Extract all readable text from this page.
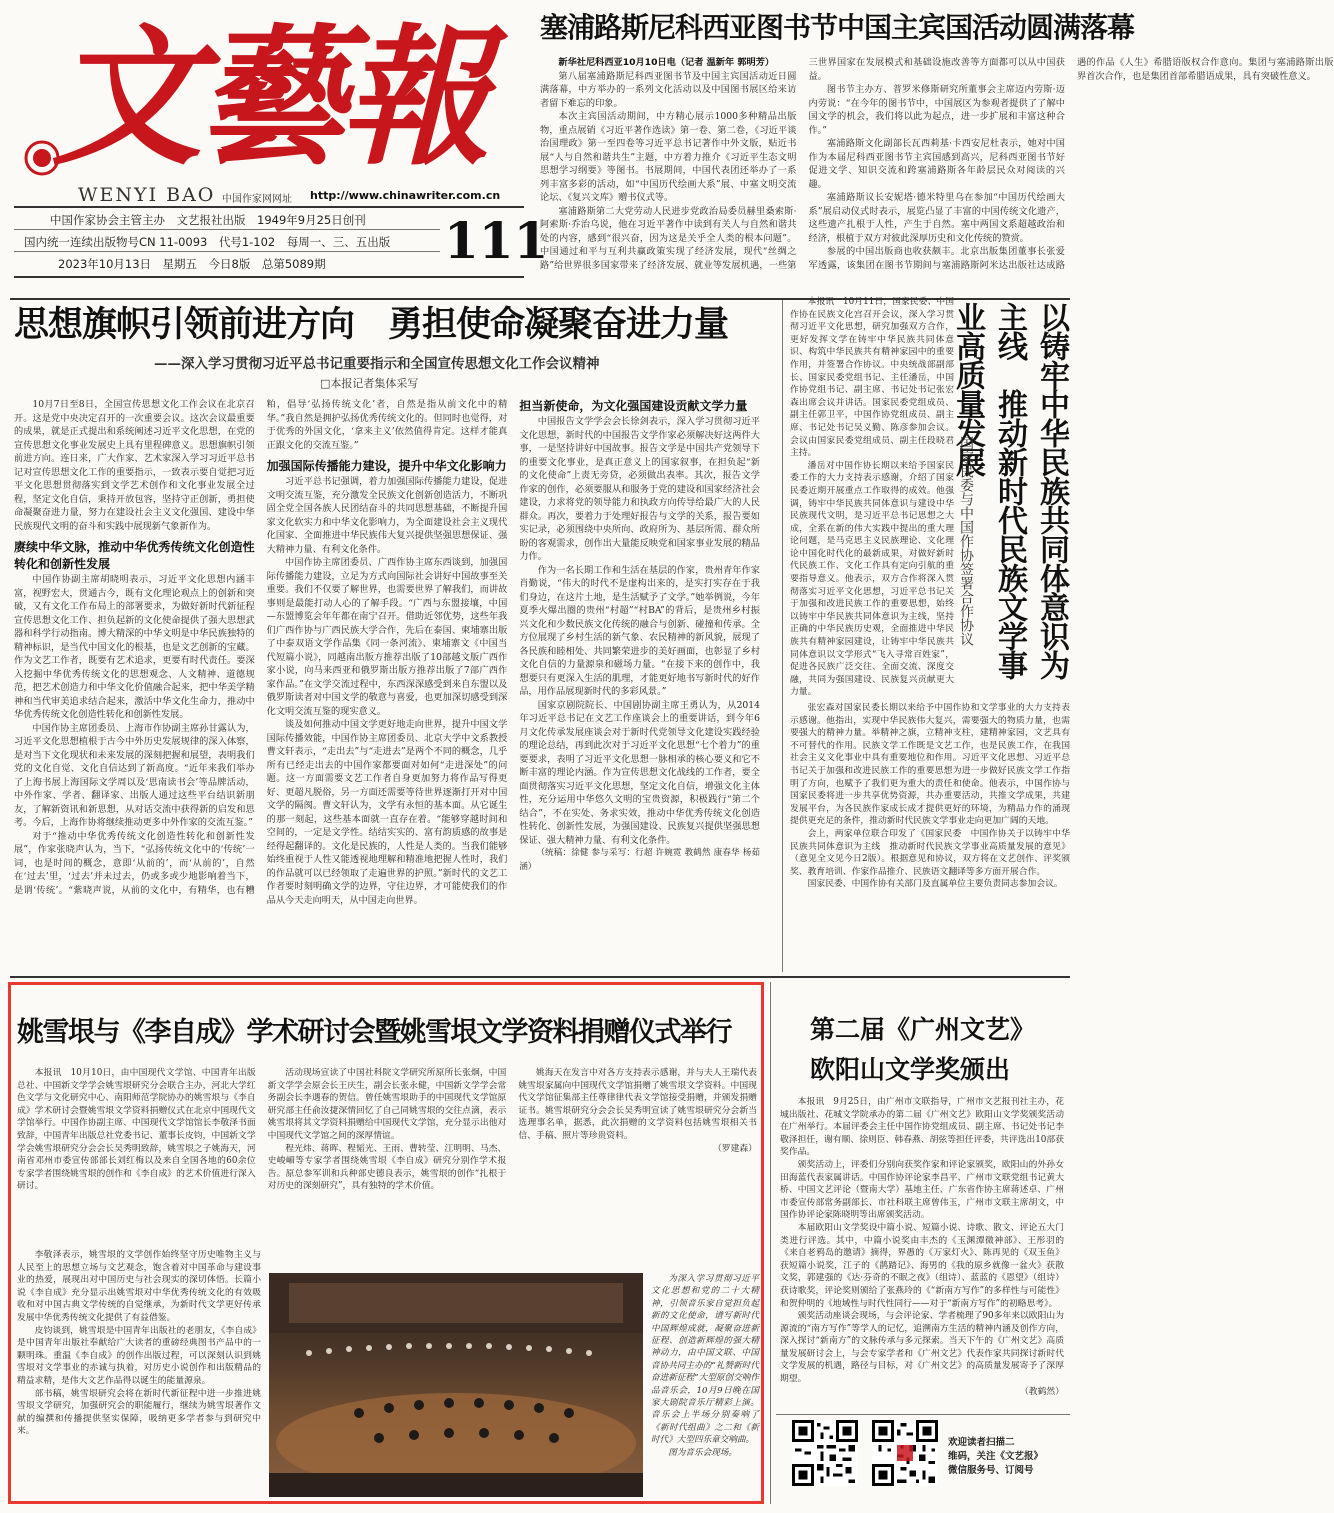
文藝報
WENYI BAO 中国作家网网址 http://www.chinawriter.com.cn
中国作家协会主管主办　文艺报社出版　1949年9月25日创刊
国内统一连续出版物号CN 11-0093　代号1-102　每周一、三、五出版
2023年10月13日　星期五　今日8版　总第5089期 111
塞浦路斯尼科西亚图书节中国主宾国活动圆满落幕

新华社尼科西亚10月10日电（记者 温新年 郭明芳）

第八届塞浦路斯尼科西亚图书节及中国主宾国活动近日圆满落幕，中方举办的一系列文化活动以及中国图书展区给来访者留下难忘的印象。

本次主宾国活动期间，中方精心展示1000多种精品出版物，重点展销《习近平著作选读》第一卷、第二卷，《习近平谈治国理政》第一至四卷等习近平总书记著作中外文版，贴近书展“人与自然和谐共生”主题，中方着力推介《习近平生态文明思想学习纲要》等图书。书展期间，中国代表团还举办了一系列丰富多彩的活动，如“中国历代绘画大系”展、中塞文明交流论坛、《复兴文库》赠书仪式等。

塞浦路斯第二大党劳动人民进步党政治局委员赫里桑索斯·阿索斯·乔治乌说，他在习近平著作中读到有关人与自然和谐共处的内容，感到“很兴奋，因为这是关乎全人类的根本问题”。中国通过和平与互利共赢政策实现了经济发展，现代“丝绸之路”给世界很多国家带来了经济发展、就业等发展机遇，一些第三世界国家在发展模式和基础设施改善等方面都可以从中国获益。

图书节主办方、普罗米修斯研究所董事会主席迈内劳斯·迈内劳说：“在今年的图书节中，中国展区为参观者提供了了解中国文学的机会，我们将以此为起点，进一步扩展和丰富这种合作。”

塞浦路斯文化副部长瓦西莉基·卡西安尼杜表示，她对中国作为本届尼科西亚图书节主宾国感到高兴，尼科西亚图书节好促进文学、知识交流和跨塞浦路斯各年龄层民众对阅读的兴趣。

塞浦路斯议长安妮塔·德米特里乌在参加“中国历代绘画大系”展启动仪式时表示，展览凸显了丰富的中国传统文化遗产，这些遗产扎根于人性，产生于自然。塞中两国文系超越政治和经济，根植于双方对彼此深厚历史和文化传统的赞赏。

参展的中国出版商也收获颇丰。北京出版集团董事长张爱军透露，该集团在图书节期间与塞浦路斯阿米达出版社达成路遇的作品《人生》希腊语版权合作意向。集团与塞浦路斯出版界首次合作，也是集团首部希腊语成果，具有突破性意义。

思想旗帜引领前进方向　勇担使命凝聚奋进力量
——深入学习贯彻习近平总书记重要指示和全国宣传思想文化工作会议精神
□本报记者集体采写

10月7日至8日，全国宣传思想文化工作会议在北京召开。这是党中央决定召开的一次重要会议。这次会议最重要的成果，就是正式提出和系统阐述习近平文化思想，在党的宣传思想文化事业发展史上具有里程碑意义。思想旗帜引领前进方向。连日来，广大作家、艺术家深入学习习近平总书记对宣传思想文化工作的重要指示，一致表示要自觉把习近平文化思想贯彻落实到文学艺术创作和文化事业发展全过程，坚定文化自信，秉持开放包容，坚持守正创新，勇担使命凝聚奋进力量，努力在建设社会主义文化强国、建设中华民族现代文明的奋斗和实践中展现新气象新作为。

赓续中华文脉，推动中华优秀传统文化创造性转化和创新性发展

中国作协副主席胡晓明表示，习近平文化思想内涵丰富，视野宏大，贯通古今，既有文化理论观点上的创新和突破，又有文化工作布局上的部署要求，为做好新时代新征程宣传思想文化工作、担负起新的文化使命提供了强大思想武器和科学行动指南。博大精深的中华文明是中华民族独特的精神标识，是当代中国文化的根基，也是文艺创新的宝藏。作为文艺工作者，既要有艺术追求，更要有时代责任。要深入挖掘中华优秀传统文化的思想观念、人文精神、道德规范，把艺术创造力和中华文化价值融合起来，把中华美学精神和当代审美追求结合起来，激活中华文化生命力，推动中华优秀传统文化创造性转化和创新性发展。

中国作协主席团委员、上海市作协副主席孙甘露认为，习近平文化思想植根于古今中外历史发展规律的深入体察，是对当下文化现状和未来发展的深刻把握和展望，表明我们党的文化自觉、文化自信达到了新高度。“近年来我们举办了上海书展上海国际文学周以及‘思南读书会’等品牌活动，中外作家、学者、翻译家、出版人通过这些平台结识新朋友，了解新资讯和新思想，从对话交流中获得新的启发和思考。今后，上海作协将继续推动更多中外作家的交流互鉴。”

对于“推动中华优秀传统文化创造性转化和创新性发展”，作家张晓声认为，当下，“弘扬传统文化中的‘传统’一词，也是时间的概念，意即‘从前的’，而‘从前的’，自然在‘过去’里，‘过去’并未过去，仍或多或少地影响着当下，是谓‘传统’。“紫晓声说，从前的文化中，有精华，也有糟粕，倡导‘弘扬传统文化’者，自然是指从前文化中的精华。”我自然是拥护弘扬优秀传统文化的。但同时也觉得，对于优秀的外国文化，‘拿来主义’依然值得肯定。这样才能真正跟文化的交流互鉴。”

加强国际传播能力建设，提升中华文化影响力

习近平总书记强调，着力加强国际传播能力建设，促进文明交流互鉴，充分激发全民族文化创新创造活力，不断巩固全党全国各族人民团结奋斗的共同思想基础，不断提升国家文化软实力和中华文化影响力，为全面建设社会主义现代化国家、全面推进中华民族伟大复兴提供坚强思想保证、强大精神力量、有利文化条件。

中国作协主席团委员、广西作协主席东西谈到，加强国际传播能力建设，立足为方式向国际社会讲好中国故事至关重要。我们不仅要了解世界，也需要世界了解我们，而讲故事则是最能打动人心的了解手段。“广西与东盟接壤，中国—东盟博览会年年都在南宁召开。借助近邻优势，这些年我们广西作协与广西民族大学合作，先后在泰国、柬埔寨出版了中泰双语文学作品集《同一条河流》、柬埔寨文《中国当代短篇小说》，同越南出版方推荐出版了10部越文版广西作家小说，向马来西亚和俄罗斯出版方推荐出版了7部广西作家作品。”在文学交流过程中，东西深深感受到来自东盟以及俄罗斯读者对中国文学的敬意与喜爱，也更加深切感受到深化文明交流互鉴的现实意义。

谈及如何推动中国文学更好地走向世界，提升中国文学国际传播效能，中国作协主席团委员、北京大学中文系教授曹文轩表示，“走出去”与“走进去”是两个不同的概念，几乎所有已经走出去的中国作家都要面对如何“走进深处”的问题。这一方面需要文艺工作者自身更加努力将作品写得更好、更超凡脱俗，另一方面还需要等待世界逐渐打开对中国文学的隔阂。曹文轩认为，文学有永恒的基本面。从它诞生的那一刻起，这些基本面就一直存在着。“能够穿越时间和空间的，一定是文学性。结结实实的、富有韵质感的故事是经得起翻译的。文化是民族的，人性是人类的。当我们能够始终重视于人性又能透视地理解和精准地把握人性时，我们的作品就可以已经领取了走遍世界的护照。”新时代的文艺工作者要时刻明确文学的边界，守住边界，才可能使我们的作品从今天走向明天，从中国走向世界。

担当新使命，为文化强国建设贡献文学力量

中国报告文学学会会长徐剑表示，深入学习贯彻习近平文化思想，新时代的中国报告文学作家必须解决好这两件大事，一是坚持讲好中国故事。报告文学是中国共产党领导下的重要文化事业，是真正意义上的国家叙事，在担负起“新的文化使命”上责无旁贷，必须做出表率。其次，报告文学作家的创作，必须要服从和服务于党的建设和国家经济社会建设，力求将党的领导能力和执政方向传导给最广大的人民群众。再次，要着力于处理好报告与文学的关系，报告要如实记录，必须围绕中央所向、政府所为、基层所需、群众所盼的客观需求，创作出大量能反映党和国家事业发展的精品力作。

作为一名长期工作和生活在基层的作家，贵州青年作家肖勤说，“伟大的时代不是虚构出来的，是实打实存在于我们身边，在这片土地，是生活赋予了文学。”她举例说，今年夏季火爆出圈的贵州“村超”“村BA”的背后，是贵州乡村振兴文化和少数民族文化传统的融合与创新、碰撞和传承。全方位展现了乡村生活的新气象、农民精神的新风貌，展现了各民族和睦相处、共同繁荣进步的美好画面，也彰显了乡村文化自信的力量源泉和磁场力量。“在接下来的创作中，我想要只有更深入生活的肌理，才能更好地书写新时代的好作品，用作品展现新时代的多彩风景。”

国家京剧院院长、中国剧协副主席王勇认为，从2014年习近平总书记在文艺工作座谈会上的重要讲话，到今年6月文化传承发展座谈会对于新时代党领导文化建设实践经验的理论总结，再到此次对于习近平文化思想“七个着力”的重要要求，表明了习近平文化思想一脉相承的核心要义和它不断丰富的理论内涵。作为宣传思想文化战线的工作者，要全面贯彻落实习近平文化思想，坚定文化自信，增强文化主体性，充分运用中华悠久文明的宝贵资源，积极践行“第二个结合”，不在实处、务求实效，推动中华优秀传统文化创造性转化、创新性发展，为强国建设、民族复兴提供坚强思想保证、强大精神力量、有利文化条件。

（统稿：徐健 参与采写：行超 许婉霓 教鹤然 康春华 杨茹涵）

本报讯　10月11日，国家民委、中国作协在民族文化宫召开会议，深入学习贯彻习近平文化思想，研究加强双方合作，更好发挥文学在铸牢中华民族共同体意识、构筑中华民族共有精神家园中的重要作用，并签署合作协议。中央统战部副部长、国家民委党组书记、主任潘岳，中国作协党组书记、副主席、书记处书记张宏森出席会议并讲话。国家民委党组成员、副主任郭卫平，中国作协党组成员、副主席、书记处书记吴义勤、陈彦参加会议。会议由国家民委党组成员、副主任段晓君主持。

潘岳对中国作协长期以来给予国家民委工作的大力支持表示感谢，介绍了国家民委近期开展重点工作取得的成效。他强调，铸牢中华民族共同体意识与建设中华民族现代文明，是习近平总书记思想之大成，全系在新的伟大实践中提出的重大理论问题，是马克思主义民族理论、文化理论中国化时代化的最新成果，对做好新时代民族工作、文化工作具有定向引航的重要指导意义。他表示，双方合作将深入贯彻落实习近平文化思想，习近平总书记关于加强和改进民族工作的重要思想，始终以铸牢中华民族共同体意识为主线，坚持正确的中华民族历史观，全面推进中华民族共有精神家园建设，让铸牢中华民族共同体意识以文学形式“飞入寻常百姓家”，促进各民族广泛交往、全面交流、深度交融，共同为强国建设、民族复兴贡献更大力量。

以铸牢中华民族共同体意识为主线　推动新时代民族文学事业高质量发展
国家民委与中国作协签署合作协议

张宏森对国家民委长期以来给予中国作协和文学事业的大力支持表示感谢。他指出，实现中华民族伟大复兴，需要强大的物质力量，也需要强大的精神力量。举精神之旗，立精神支柱，建精神家园，文艺具有不可替代的作用。民族文学工作既是文艺工作，也是民族工作，在我国社会主义文化事业中具有重要地位和作用。习近平文化思想、习近平总书记关于加强和改进民族工作的重要思想为进一步做好民族文学工作指明了方向，也赋予了我们更为重大的责任和使命。他表示，中国作协与国家民委将进一步共享优势资源，共办重要活动，共推文学成果，共建发展平台，为各民族作家成长成才提供更好的环境，为精品力作的涌现提供更充足的条件，推动新时代民族文学事业走向更加广阔的天地。

会上，两家单位联合印发了《国家民委　中国作协关于以铸牢中华民族共同体意识为主线　推动新时代民族文学事业高质量发展的意见》（意见全文见今日2版）。根据意见和协议，双方将在文艺创作、评奖颁奖、教育培训、作家作品推介、民族语文翻译等多方面开展合作。

国家民委、中国作协有关部门及直属单位主要负责同志参加会议。

姚雪垠与《李自成》学术研讨会暨姚雪垠文学资料捐赠仪式举行

本报讯　10月10日，由中国现代文学馆、中国青年出版总社、中国新文学学会姚雪垠研究分会联合主办，河北大学红色文学与文化研究中心、南阳师范学院协办的姚雪垠与《李自成》学术研讨会暨姚雪垠文学资料捐赠仪式在北京中国现代文学馆举行。中国作协副主席、中国现代文学馆馆长李敬泽书面致辞，中国青年出版总社党委书记、董事长皮钧，中国新文学学会姚雪垠研究分会会长吴秀明致辞，姚雪垠之子姚海天，河南省邓州市委宣传部部长刘红梅以及来自全国各地的60余位专家学者围绕姚雪垠的创作和《李自成》的艺术价值进行深入研讨。

活动现场宣读了中国社科院文学研究所原所长张炯，中国新文学学会原会长王庆生，副会长张永健，中国新文学学会常务副会长李遇春的贺信。曾任姚雪垠助手的中国现代文学馆原研究部主任俞汝捷深情回忆了自己同姚雪垠的交往点滴，表示姚雪垠将其文学资料捐赠给中国现代文学馆，充分显示出他对中国现代文学馆之间的深厚情谊。

程光炜、蒋晖、程韬光、王雨、曹转莹、江明明、马杰、史峻嵋等专家学者围绕姚雪垠《李自成》研究分别作学术报告。原总参军训和兵种部史德良表示，姚雪垠的创作“扎根于对历史的深刻研究”，具有独特的学术价值。

姚海天在发言中对各方支持表示感谢，并与夫人王瑞代表姚雪垠家属向中国现代文学馆捐赠了姚雪垠文学资料。中国现代文学馆征集部主任尊律律代表文学馆接受捐赠，并颁发捐赠证书。姚雪垠研究分会会长吴秀明宣读了姚雪垠研究分会新当选理事名单，据悉，此次捐赠的文学资料包括姚雪垠相关书信、手稿、照片等珍贵资料。

（罗建森）

李敬泽表示，姚雪垠的文学创作始终坚守历史唯物主义与人民至上的思想立场与文艺观念，饱含着对中国革命与建设事业的热爱，展现出对中国历史与社会现实的深切体悟。长篇小说《李自成》充分显示出姚雪垠对中华优秀传统文化的有效吸收和对中国古典文学传统的自觉继承，为新时代文学更好传承发展中华优秀传统文化提供了有益借鉴。

皮钧谈到，姚雪垠是中国青年出版社的老朋友，《李自成》是中国青年出版社奉献给广大读者的重磅经典图书产品中的一颗明珠。重温《李自成》的创作出版过程，可以深刻认识到姚雪垠对文学事业的赤诚与执着，对历史小说创作和出版精品的精益求精，是伟大文艺作品得以诞生的能量源泉。

部书稿，姚雪垠研究会将在新时代新征程中进一步推进姚雪垠文学研究，加强研究会的职能履行，继续为姚雪垠著作文献的编撰和传播提供坚实保障，吸纳更多学者参与到研究中来。

为深入学习贯彻习近平文化思想和党的二十大精神，引领音乐家自觉担负起新的文化使命，谱写新时代中国辉煌成就，凝聚奋进新征程、创造新辉煌的强大精神动力，由中国文联、中国音协共同主办的“礼赞新时代 奋进新征程”大型原创交响作品音乐会，10月9日晚在国家大剧院音乐厅精彩上演。音乐会上半场分别奏响了《新时代组曲》之二和《新时代》大型四乐章交响曲。

图为音乐会现场。

第二届《广州文艺》
欧阳山文学奖颁出

本报讯　9月25日，由广州市文联指导，广州市文艺报刊社主办，花城出版社、花城文学院承办的第二届《广州文艺》欧阳山文学奖颁奖活动在广州举行。本届评委会主任中国作协党组成员、副主席、书记处书记李敬泽担任，谢有顺、徐则臣、韩春燕、胡弦等担任评委，共评选出10部获奖作品。

颁奖活动上，评委们分别向获奖作家和评论家颁奖，欧阳山的外孙女田海蓝代表家属讲话。中国作协评论家李昌平、广州市文联党组书记黄大桥、中国文艺评论（暨南大学）基地主任、广东省作协主席蒋述卓、广州市委宣传部常务副部长、市社科联主席曾伟玉，广州市文联主席胡文，中国作协评论家陈晓明等出席颁奖活动。

本届欧阳山文学奖设中篇小说、短篇小说、诗歌、散文、评论五大门类进行评选。其中，中篇小说奖由丰杰的《玉渊潭微神部》、王彤羽的《来自老鸦岛的邀请》摘得，界愚的《万家灯火》、陈再见的《双玉鱼》获短篇小说奖，江子的《鹊踏记》、海男的《我的原乡就像一盆火》获散文奖，郭建强的《达·芬奇的不眠之夜》（组诗）、蓝蓝的《恩望》（组诗）获诗歌奖，评论奖则颁给了张燕玲的《“新南方写作”的多样性与可能性》和贺仲明的《地域性与时代性同行——对于“新南方写作”的初略思考》。

颁奖活动座谈会现场，与会评论家、学者梳理了90多年来以欧阳山为源流的“南方写作”等学人的记忆，追溯南方生活的精神内涵及创作方向，深入探讨“新南方”的文脉传承与多元探索。当天下午的《广州文艺》高质量发展研讨会上，与会专家学者和《广州文艺》代表作家共同探讨新时代文学发展的机遇，路径与目标，对《广州文艺》的高质量发展寄予了深厚期望。

（教鹤然）

欢迎读者扫描二
维码，关注《文艺报》
微信服务号、订阅号
